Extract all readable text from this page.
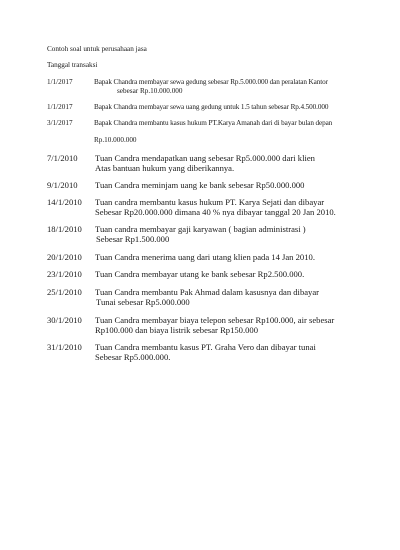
Contoh soal untuk perusahaan jasa
Tanggal transaksi
1/1/2017	Bapak Chandra membayar sewa gedung sebesar Rp.5.000.000 dan peralatan Kantor
sebesar Rp.10.000.000
1/1/2017	Bapak Chandra membayar sewa uang gedung untuk 1.5 tahun sebesar Rp.4.500.000
3/1/2017	Bapak Chandra membantu kasus hukum PT.Karya Amanah dari di bayar bulan depan
Rp.10.000.000
7/1/2010 Tuan Candra mendapatkan uang sebesar Rp5.000.000 dari klien
Atas bantuan hukum yang diberikannya.
9/1/2010 Tuan Candra meminjam uang ke bank sebesar Rp50.000.000
14/1/2010 Tuan candra membantu kasus hukum PT. Karya Sejati dan dibayar
Sebesar Rp20.000.000 dimana 40 % nya dibayar tanggal 20 Jan 2010.
18/1/2010 Tuan candra membayar gaji karyawan ( bagian administrasi )
Sebesar Rp1.500.000
20/1/2010 Tuan Candra menerima uang dari utang klien pada 14 Jan 2010.
23/1/2010 Tuan Candra membayar utang ke bank sebesar Rp2.500.000.
25/1/2010 Tuan Candra membantu Pak Ahmad dalam kasusnya dan dibayar
Tunai sebesar Rp5.000.000
30/1/2010 Tuan Candra membayar biaya telepon sebesar Rp100.000, air sebesar
Rp100.000 dan biaya listrik sebesar Rp150.000
31/1/2010 Tuan Candra membantu kasus PT. Graha Vero dan dibayar tunai
Sebesar Rp5.000.000.
